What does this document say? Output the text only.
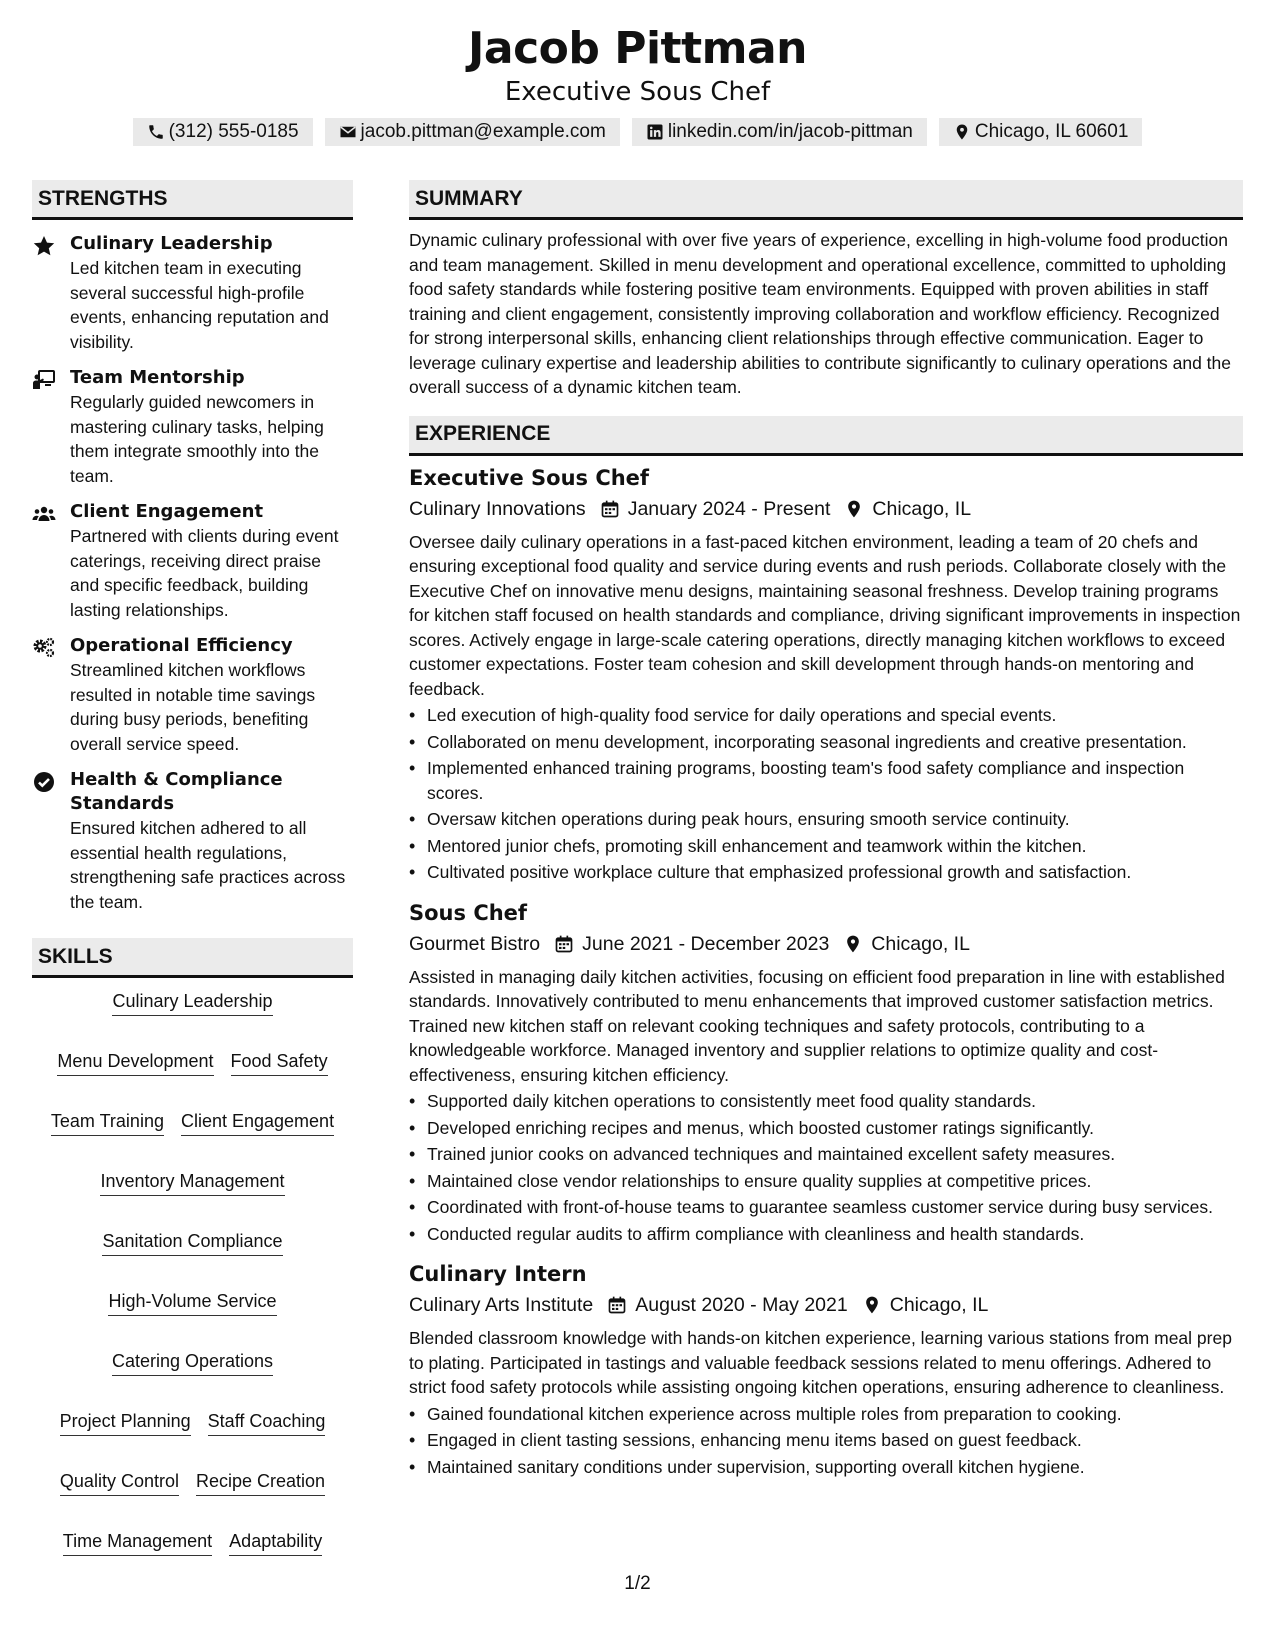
Jacob Pittman
Executive Sous Chef
(312) 555-0185	jacob.pittman@example.com	linkedin.com/in/jacob-pittman	Chicago, IL 60601
STRENGTHS
Culinary Leadership
Led kitchen team in executing several successful high-profile events, enhancing reputation and visibility.
Team Mentorship
Regularly guided newcomers in mastering culinary tasks, helping them integrate smoothly into the team.
Client Engagement
Partnered with clients during event caterings, receiving direct praise and specific feedback, building lasting relationships.
Operational Efficiency
Streamlined kitchen workflows resulted in notable time savings during busy periods, benefiting overall service speed.
Health & Compliance Standards
Ensured kitchen adhered to all essential health regulations, strengthening safe practices across the team.
SKILLS
Culinary Leadership
Menu Development Food Safety
Team Training Client Engagement
Inventory Management
Sanitation Compliance
High-Volume Service
Catering Operations
Project Planning Staff Coaching
Quality Control Recipe Creation
Time Management Adaptability
SUMMARY
Dynamic culinary professional with over five years of experience, excelling in high-volume food production and team management. Skilled in menu development and operational excellence, committed to upholding food safety standards while fostering positive team environments. Equipped with proven abilities in staff training and client engagement, consistently improving collaboration and workflow efficiency. Recognized for strong interpersonal skills, enhancing client relationships through effective communication. Eager to leverage culinary expertise and leadership abilities to contribute significantly to culinary operations and the overall success of a dynamic kitchen team.
EXPERIENCE
Executive Sous Chef
Culinary Innovations January 2024 - Present Chicago, IL
Oversee daily culinary operations in a fast-paced kitchen environment, leading a team of 20 chefs and ensuring exceptional food quality and service during events and rush periods. Collaborate closely with the Executive Chef on innovative menu designs, maintaining seasonal freshness. Develop training programs for kitchen staff focused on health standards and compliance, driving significant improvements in inspection scores. Actively engage in large-scale catering operations, directly managing kitchen workflows to exceed customer expectations. Foster team cohesion and skill development through hands-on mentoring and feedback.
• Led execution of high-quality food service for daily operations and special events.
• Collaborated on menu development, incorporating seasonal ingredients and creative presentation.
• Implemented enhanced training programs, boosting team's food safety compliance and inspection scores.
• Oversaw kitchen operations during peak hours, ensuring smooth service continuity.
• Mentored junior chefs, promoting skill enhancement and teamwork within the kitchen.
• Cultivated positive workplace culture that emphasized professional growth and satisfaction.
Sous Chef
Gourmet Bistro June 2021 - December 2023 Chicago, IL
Assisted in managing daily kitchen activities, focusing on efficient food preparation in line with established standards. Innovatively contributed to menu enhancements that improved customer satisfaction metrics. Trained new kitchen staff on relevant cooking techniques and safety protocols, contributing to a knowledgeable workforce. Managed inventory and supplier relations to optimize quality and cost-effectiveness, ensuring kitchen efficiency.
• Supported daily kitchen operations to consistently meet food quality standards.
• Developed enriching recipes and menus, which boosted customer ratings significantly.
• Trained junior cooks on advanced techniques and maintained excellent safety measures.
• Maintained close vendor relationships to ensure quality supplies at competitive prices.
• Coordinated with front-of-house teams to guarantee seamless customer service during busy services.
• Conducted regular audits to affirm compliance with cleanliness and health standards.
Culinary Intern
Culinary Arts Institute August 2020 - May 2021 Chicago, IL
Blended classroom knowledge with hands-on kitchen experience, learning various stations from meal prep to plating. Participated in tastings and valuable feedback sessions related to menu offerings. Adhered to strict food safety protocols while assisting ongoing kitchen operations, ensuring adherence to cleanliness.
• Gained foundational kitchen experience across multiple roles from preparation to cooking.
• Engaged in client tasting sessions, enhancing menu items based on guest feedback.
• Maintained sanitary conditions under supervision, supporting overall kitchen hygiene.
1/2
